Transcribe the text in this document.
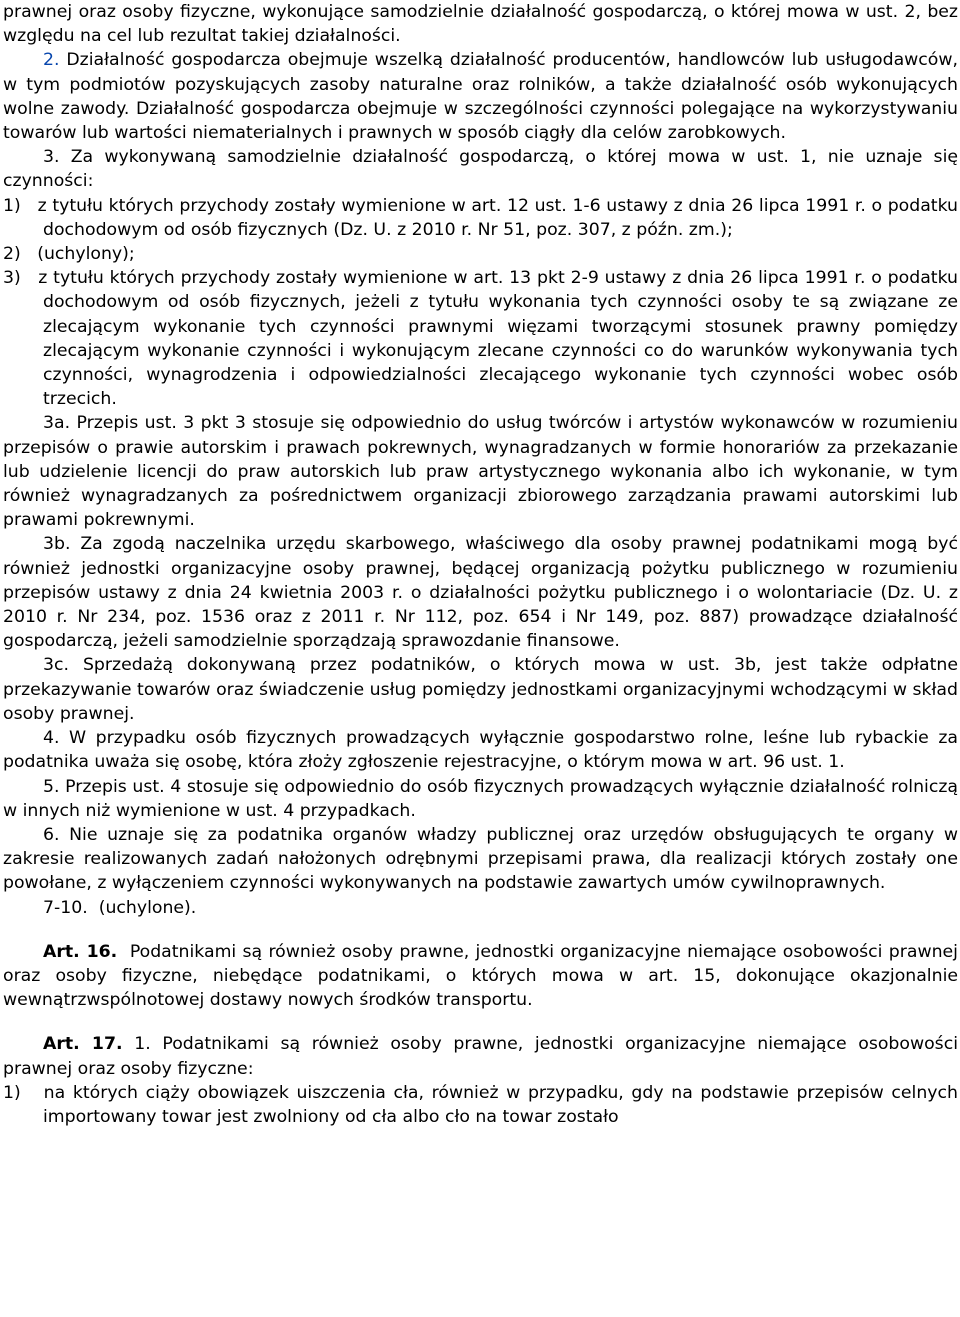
prawnej oraz osoby fizyczne, wykonujące samodzielnie działalność gospodarczą, o której mowa w ust. 2, bez względu na cel lub rezultat takiej działalności.

2. Działalność gospodarcza obejmuje wszelką działalność producentów, handlowców lub usługodawców, w tym podmiotów pozyskujących zasoby naturalne oraz rolników, a także działalność osób wykonujących wolne zawody. Działalność gospodarcza obejmuje w szczególności czynności polegające na wykorzystywaniu towarów lub wartości niematerialnych i prawnych w sposób ciągły dla celów zarobkowych.

3. Za wykonywaną samodzielnie działalność gospodarczą, o której mowa w ust. 1, nie uznaje się czynności:

1)   z tytułu których przychody zostały wymienione w art. 12 ust. 1-6 ustawy z dnia 26 lipca 1991 r. o podatku dochodowym od osób fizycznych (Dz. U. z 2010 r. Nr 51, poz. 307, z późn. zm.);

2)   (uchylony);

3)   z tytułu których przychody zostały wymienione w art. 13 pkt 2-9 ustawy z dnia 26 lipca 1991 r. o podatku dochodowym od osób fizycznych, jeżeli z tytułu wykonania tych czynności osoby te są związane ze zlecającym wykonanie tych czynności prawnymi więzami tworzącymi stosunek prawny pomiędzy zlecającym wykonanie czynności i wykonującym zlecane czynności co do warunków wykonywania tych czynności, wynagrodzenia i odpowiedzialności zlecającego wykonanie tych czynności wobec osób trzecich.

3a. Przepis ust. 3 pkt 3 stosuje się odpowiednio do usług twórców i artystów wykonawców w rozumieniu przepisów o prawie autorskim i prawach pokrewnych, wynagradzanych w formie honorariów za przekazanie lub udzielenie licencji do praw autorskich lub praw artystycznego wykonania albo ich wykonanie, w tym również wynagradzanych za pośrednictwem organizacji zbiorowego zarządzania prawami autorskimi lub prawami pokrewnymi.

3b. Za zgodą naczelnika urzędu skarbowego, właściwego dla osoby prawnej podatnikami mogą być również jednostki organizacyjne osoby prawnej, będącej organizacją pożytku publicznego w rozumieniu przepisów ustawy z dnia 24 kwietnia 2003 r. o działalności pożytku publicznego i o wolontariacie (Dz. U. z 2010 r. Nr 234, poz. 1536 oraz z 2011 r. Nr 112, poz. 654 i Nr 149, poz. 887) prowadzące działalność gospodarczą, jeżeli samodzielnie sporządzają sprawozdanie finansowe.

3c. Sprzedażą dokonywaną przez podatników, o których mowa w ust. 3b, jest także odpłatne przekazywanie towarów oraz świadczenie usług pomiędzy jednostkami organizacyjnymi wchodzącymi w skład osoby prawnej.

4. W przypadku osób fizycznych prowadzących wyłącznie gospodarstwo rolne, leśne lub rybackie za podatnika uważa się osobę, która złoży zgłoszenie rejestracyjne, o którym mowa w art. 96 ust. 1.

5. Przepis ust. 4 stosuje się odpowiednio do osób fizycznych prowadzących wyłącznie działalność rolniczą w innych niż wymienione w ust. 4 przypadkach.

6. Nie uznaje się za podatnika organów władzy publicznej oraz urzędów obsługujących te organy w zakresie realizowanych zadań nałożonych odrębnymi przepisami prawa, dla realizacji których zostały one powołane, z wyłączeniem czynności wykonywanych na podstawie zawartych umów cywilnoprawnych.

7-10.  (uchylone).

Art. 16. Podatnikami są również osoby prawne, jednostki organizacyjne niemające osobowości prawnej oraz osoby fizyczne, niebędące podatnikami, o których mowa w art. 15, dokonujące okazjonalnie wewnątrzwspólnotowej dostawy nowych środków transportu.

Art. 17. 1. Podatnikami są również osoby prawne, jednostki organizacyjne niemające osobowości prawnej oraz osoby fizyczne:

1)   na których ciąży obowiązek uiszczenia cła, również w przypadku, gdy na podstawie przepisów celnych importowany towar jest zwolniony od cła albo cło na towar zostało
